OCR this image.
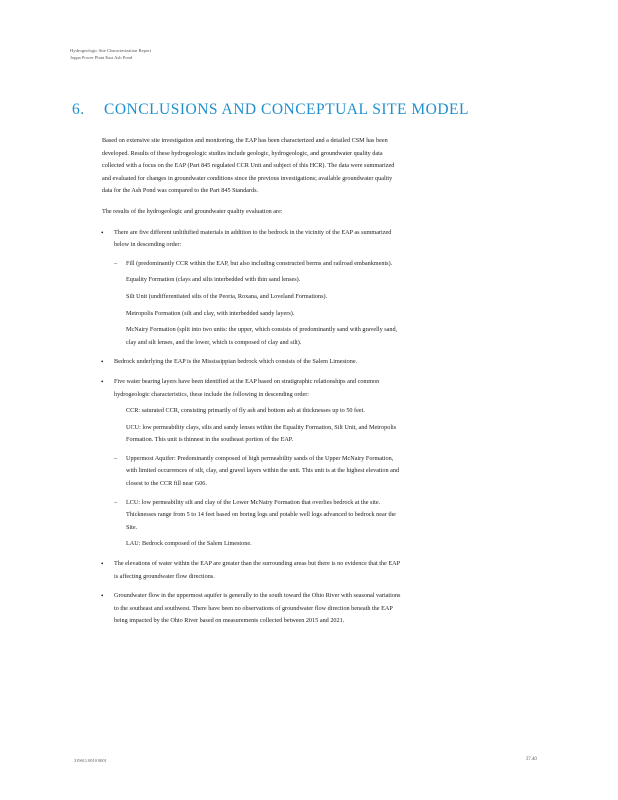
Hydrogeologic Site Characterization Report
Joppa Power Plant East Ash Pond
6. CONCLUSIONS AND CONCEPTUAL SITE MODEL

Based on extensive site investigation and monitoring, the EAP has been characterized and a detailed CSM has been developed. Results of these hydrogeologic studies include geologic, hydrogeologic, and groundwater quality data collected with a focus on the EAP (Part 845 regulated CCR Unit and subject of this HCR). The data were summarized and evaluated for changes in groundwater conditions since the previous investigations; available groundwater quality data for the Ash Pond was compared to the Part 845 Standards.

The results of the hydrogeologic and groundwater quality evaluation are:

• There are five different unlithified materials in addition to the bedrock in the vicinity of the EAP as summarized below in descending order:
– Fill (predominantly CCR within the EAP, but also including constructed berms and railroad embankments).
Equality Formation (clays and silts interbedded with thin sand lenses).
Silt Unit (undifferentiated silts of the Peoria, Roxana, and Loveland Formations).
Metropolis Formation (silt and clay, with interbedded sandy layers).
McNairy Formation (split into two units: the upper, which consists of predominantly sand with gravelly sand, clay and silt lenses, and the lower, which is composed of clay and silt).
• Bedrock underlying the EAP is the Mississippian bedrock which consists of the Salem Limestone.
• Five water bearing layers have been identified at the EAP based on stratigraphic relationships and common hydrogeologic characteristics, these include the following in descending order:
CCR: saturated CCR, consisting primarily of fly ash and bottom ash at thicknesses up to 50 feet.
UCU: low permeability clays, silts and sandy lenses within the Equality Formation, Silt Unit, and Metropolis Formation. This unit is thinnest in the southeast portion of the EAP.
– Uppermost Aquifer: Predominantly composed of high permeability sands of the Upper McNairy Formation, with limited occurrences of silt, clay, and gravel layers within the unit. This unit is at the highest elevation and closest to the CCR fill near G06.
– LCU: low permeability silt and clay of the Lower McNairy Formation that overlies bedrock at the site. Thicknesses range from 5 to 14 feet based on boring logs and potable well logs advanced to bedrock near the Site.
LAU: Bedrock composed of the Salem Limestone.
• The elevations of water within the EAP are greater than the surrounding areas but there is no evidence that the EAP is affecting groundwater flow directions.
• Groundwater flow in the uppermost aquifer is generally to the south toward the Ohio River with seasonal variations to the southeast and southwest. There have been no observations of groundwater flow direction beneath the EAP being impacted by the Ohio River based on measurements collected between 2015 and 2021.
319611.0010 0001	37.40
